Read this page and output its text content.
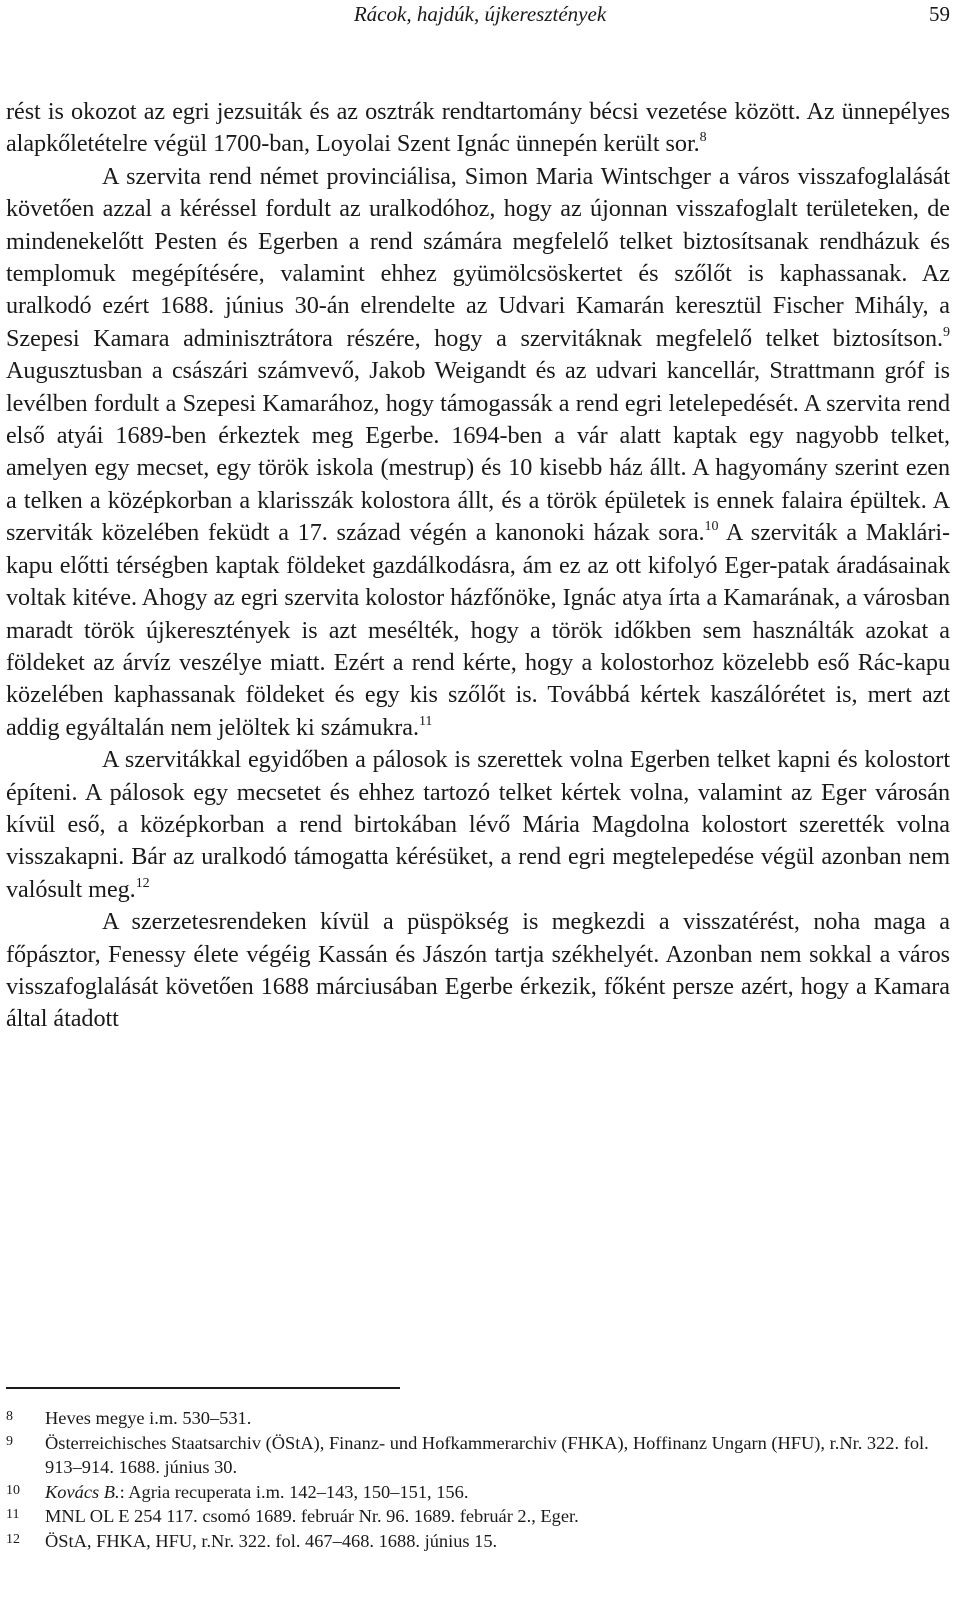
Rácok, hajdúk, újkeresztények	59

rést is okozot az egri jezsuiták és az osztrák rendtartomány bécsi vezetése között. Az ünnepélyes alapkőletételre végül 1700-ban, Loyolai Szent Ignác ünnepén került sor.$^8$

A szervita rend német provinciálisa, Simon Maria Wintschger a város visszafoglalását követően azzal a kéréssel fordult az uralkodóhoz, hogy az újonnan visszafoglalt területeken, de mindenekelőtt Pesten és Egerben a rend számára megfelelő telket biztosítsanak rendházuk és templomuk megépítésére, valamint ehhez gyümölcsöskertet és szőlőt is kaphassanak. Az uralkodó ezért 1688. június 30-án elrendelte az Udvari Kamarán keresztül Fischer Mihály, a Szepesi Kamara adminisztrátora részére, hogy a szervitáknak megfelelő telket biztosítson.$^9$ Augusztusban a császári számvevő, Jakob Weigandt és az udvari kancellár, Strattmann gróf is levélben fordult a Szepesi Kamarához, hogy támogassák a rend egri letelepedését. A szervita rend első atyái 1689-ben érkeztek meg Egerbe. 1694-ben a vár alatt kaptak egy nagyobb telket, amelyen egy mecset, egy török iskola (mestrup) és 10 kisebb ház állt. A hagyomány szerint ezen a telken a középkorban a klarisszák kolostora állt, és a török épületek is ennek falaira épültek. A szerviták közelében feküdt a 17. század végén a kanonoki házak sora.$^{10}$ A szerviták a Maklári-kapu előtti térségben kaptak földeket gazdálkodásra, ám ez az ott kifolyó Eger-patak áradásainak voltak kitéve. Ahogy az egri szervita kolostor házfőnöke, Ignác atya írta a Kamarának, a városban maradt török újkeresztények is azt mesélték, hogy a török időkben sem használták azokat a földeket az árvíz veszélye miatt. Ezért a rend kérte, hogy a kolostorhoz közelebb eső Rác-kapu közelében kaphassanak földeket és egy kis szőlőt is. Továbbá kértek kaszálórétet is, mert azt addig egyáltalán nem jelöltek ki számukra.$^{11}$

A szervitákkal egyidőben a pálosok is szerettek volna Egerben telket kapni és kolostort építeni. A pálosok egy mecsetet és ehhez tartozó telket kértek volna, valamint az Eger városán kívül eső, a középkorban a rend birtokában lévő Mária Magdolna kolostort szerették volna visszakapni. Bár az uralkodó támogatta kérésüket, a rend egri megtelepedése végül azonban nem valósult meg.$^{12}$

A szerzetesrendeken kívül a püspökség is megkezdi a visszatérést, noha maga a főpásztor, Fenessy élete végéig Kassán és Jászón tartja székhelyét. Azonban nem sokkal a város visszafoglalását követően 1688 márciusában Egerbe érkezik, főként persze azért, hogy a Kamara által átadott

8	Heves megye i.m. 530–531.
9	Österreichisches Staatsarchiv (ÖStA), Finanz- und Hofkammerarchiv (FHKA), Hoffinanz Ungarn (HFU), r.Nr. 322. fol. 913–914. 1688. június 30.
10	Kovács B.: Agria recuperata i.m. 142–143, 150–151, 156.
11	MNL OL E 254 117. csomó 1689. február Nr. 96. 1689. február 2., Eger.
12	ÖStA, FHKA, HFU, r.Nr. 322. fol. 467–468. 1688. június 15.
